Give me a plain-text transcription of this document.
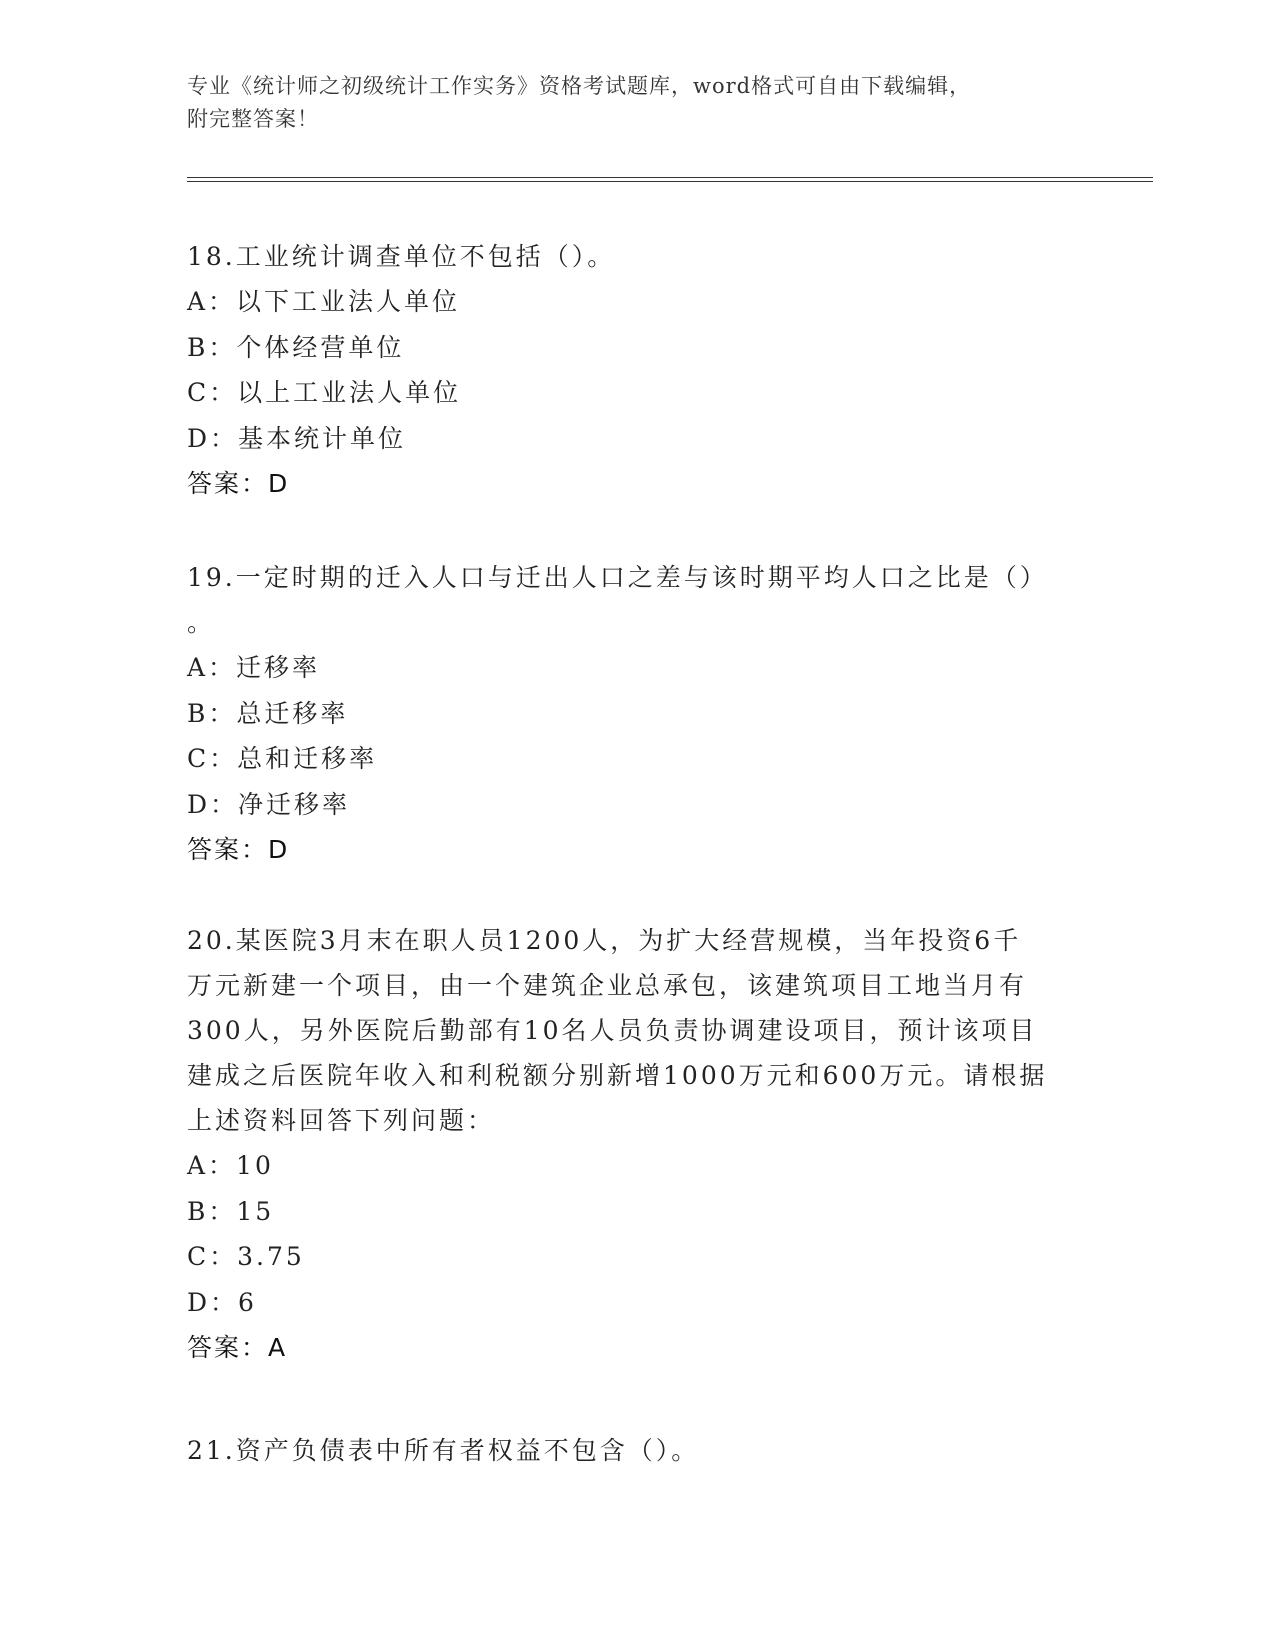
专业《统计师之初级统计工作实务》资格考试题库，word格式可自由下载编辑，

附完整答案！

18.工业统计调查单位不包括（）。

A：以下工业法人单位

B：个体经营单位

C：以上工业法人单位

D：基本统计单位

答案：D

19.一定时期的迁入人口与迁出人口之差与该时期平均人口之比是（）

。

A：迁移率

B：总迁移率

C：总和迁移率

D：净迁移率

答案：D

20.某医院3月末在职人员1200人，为扩大经营规模，当年投资6千

万元新建一个项目，由一个建筑企业总承包，该建筑项目工地当月有

300人，另外医院后勤部有10名人员负责协调建设项目，预计该项目

建成之后医院年收入和利税额分别新增1000万元和600万元。请根据

上述资料回答下列问题：

A：10

B：15

C：3.75

D：6

答案：A

21.资产负债表中所有者权益不包含（）。
